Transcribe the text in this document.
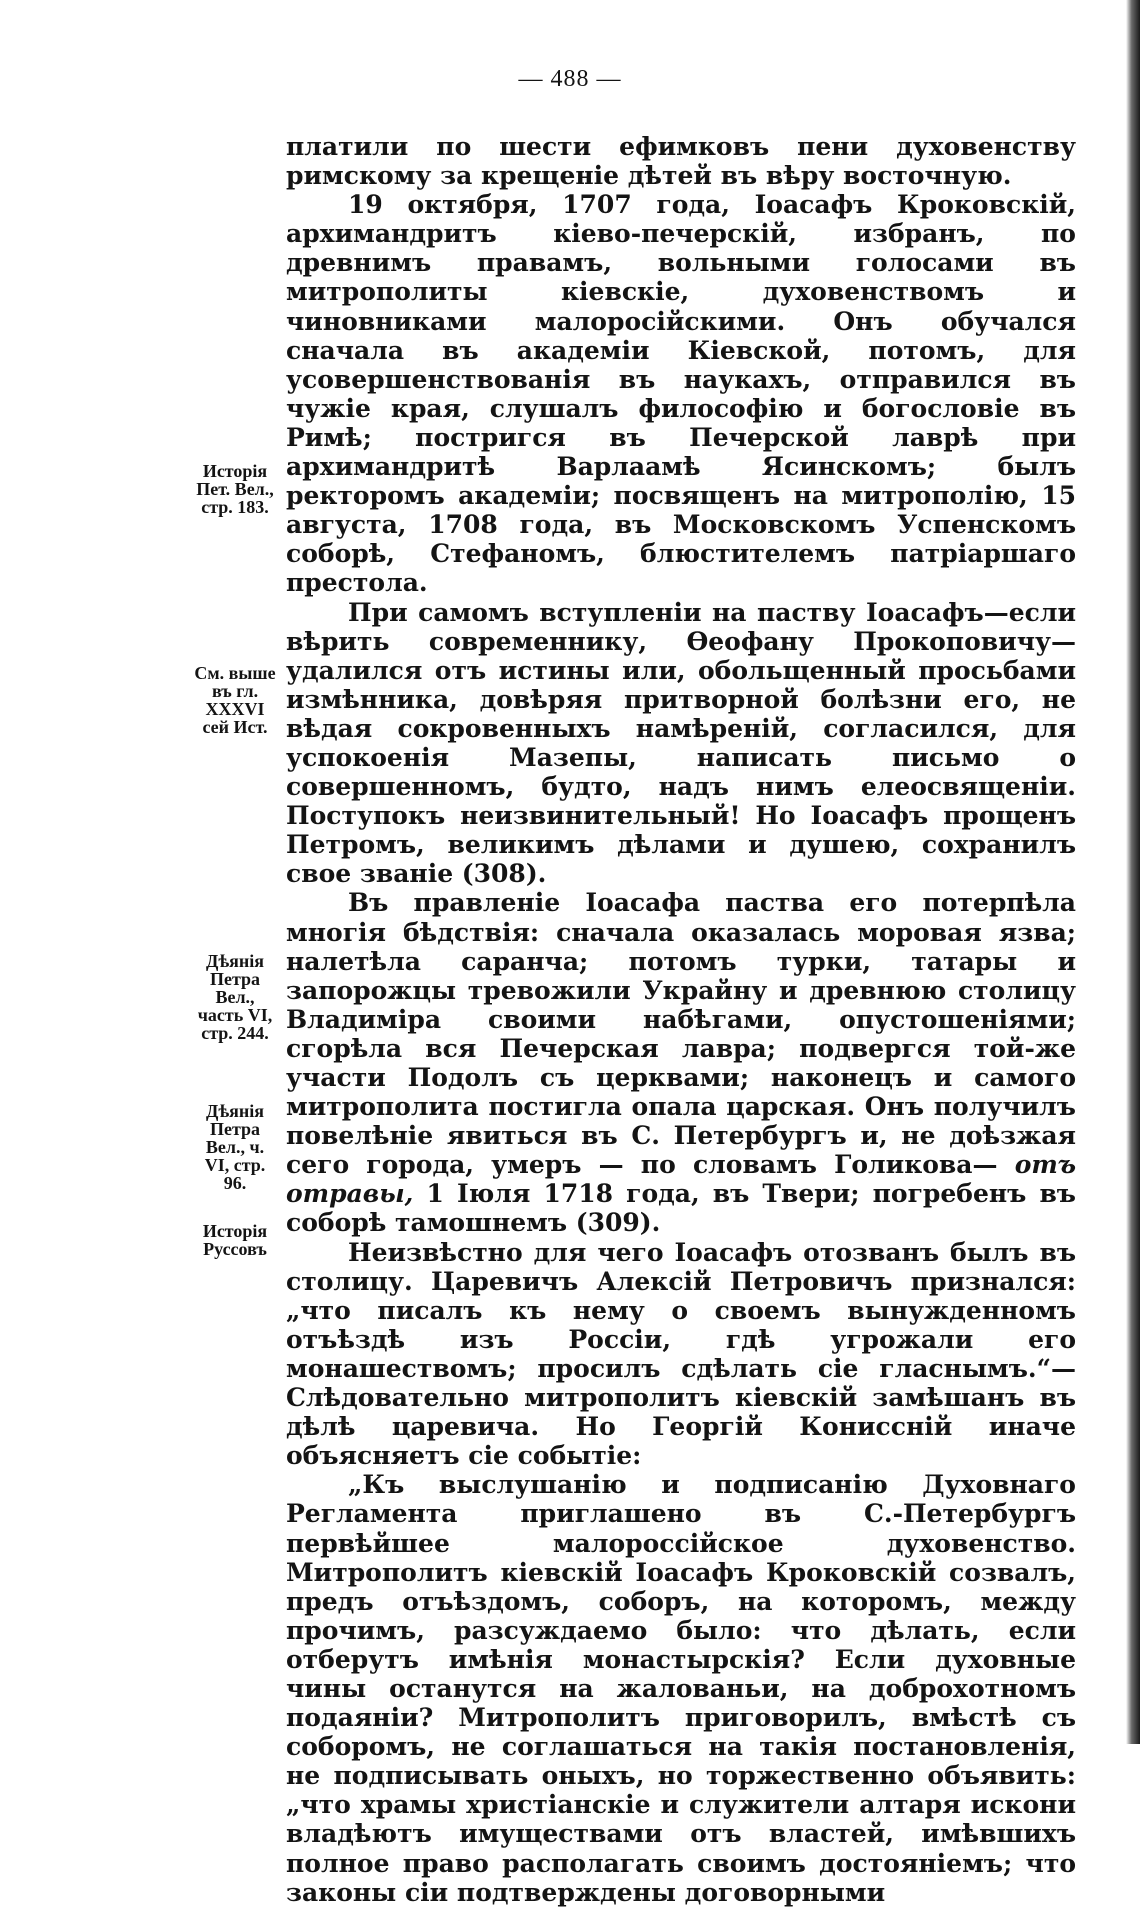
— 488 —
Исторія
Пет. Вел.,
стр. 183.
См. выше
въ гл.
XXXVI
сей Ист.
Дѣянія
Петра
Вел.,
часть VI,
стр. 244.
Дѣянія
Петра
Вел., ч.
VI, стр.
96.
Исторія
Руссовъ

платили по шести ефимковъ пени духовенству римскому за крещеніе дѣтей въ вѣру восточную.

19 октября, 1707 года, Іоасафъ Кроковскій, архимандритъ кіево-печерскій, избранъ, по древнимъ правамъ, вольными голосами въ митрополиты кіевскіе, духовенствомъ и чиновниками малоросійскими. Онъ обучался сначала въ академіи Кіевской, потомъ, для усовершенствованія въ наукахъ, отправился въ чужіе края, слушалъ философію и богословіе въ Римѣ; постригся въ Печерской лаврѣ при архимандритѣ Варлаамѣ Ясинскомъ; былъ ректоромъ академіи; посвященъ на митрополію, 15 августа, 1708 года, въ Московскомъ Успенскомъ соборѣ, Стефаномъ, блюстителемъ патріаршаго престола.

При самомъ вступленіи на паству Іоасафъ—если вѣрить современнику, Ѳеофану Прокоповичу—удалился отъ истины или, обольщенный просьбами измѣнника, довѣряя притворной болѣзни его, не вѣдая сокровенныхъ намѣреній, согласился, для успокоенія Мазепы, написать письмо о совершенномъ, будто, надъ нимъ елеосвященіи. Поступокъ неизвинительный! Но Іоасафъ прощенъ Петромъ, великимъ дѣлами и душею, сохранилъ свое званіе (308).

Въ правленіе Іоасафа паства его потерпѣла многія бѣдствія: сначала оказалась моровая язва; налетѣла саранча; потомъ турки, татары и запорожцы тревожили Украйну и древнюю столицу Владиміра своими набѣгами, опустошеніями; сгорѣла вся Печерская лавра; подвергся той-же участи Подолъ съ церквами; наконецъ и самого митрополита постигла опала царская. Онъ получилъ повелѣніе явиться въ С. Петербургъ и, не доѣзжая сего города, умеръ — по словамъ Голикова— отъ отравы, 1 Іюля 1718 года, въ Твери; погребенъ въ соборѣ тамошнемъ (309).

Неизвѣстно для чего Іоасафъ отозванъ былъ въ столицу. Царевичъ Алексій Петровичъ признался: „что писалъ къ нему о своемъ вынужденномъ отъѣздѣ изъ Россіи, гдѣ угрожали его монашествомъ; просилъ сдѣлать сіе гласнымъ.“— Слѣдовательно митрополитъ кіевскій замѣшанъ въ дѣлѣ царевича. Но Георгій Кониссній иначе объясняетъ сіе событіе:

„Къ выслушанію и подписанію Духовнаго Регламента приглашено въ С.-Петербургъ первѣйшее малороссійское духовенство. Митрополитъ кіевскій Іоасафъ Кроковскій созвалъ, предъ отъѣздомъ, соборъ, на которомъ, между прочимъ, разсуждаемо было: что дѣлать, если отберутъ имѣнія монастырскія? Если духовные чины останутся на жалованьи, на доброхотномъ подаяніи? Митрополитъ приговорилъ, вмѣстѣ съ соборомъ, не соглашаться на такія постановленія, не подписывать оныхъ, но торжественно объявить: „что храмы христіанскіе и служители алтаря искони владѣютъ имуществами отъ властей, имѣвшихъ полное право располагать своимъ достояніемъ; что законы сіи подтверждены договорными
